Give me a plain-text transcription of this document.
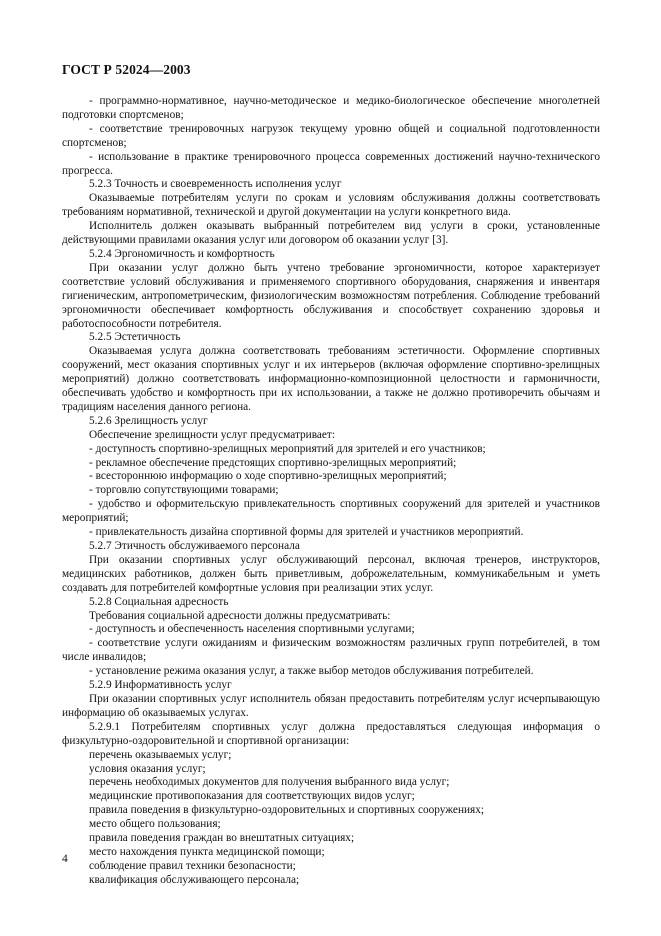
ГОСТ Р 52024—2003

- программно-нормативное, научно-методическое и медико-биологическое обеспечение многолетней подготовки спортсменов;

- соответствие тренировочных нагрузок текущему уровню общей и социальной подготовленности спортсменов;

- использование в практике тренировочного процесса современных достижений научно-технического прогресса.

5.2.3 Точность и своевременность исполнения услуг

Оказываемые потребителям услуги по срокам и условиям обслуживания должны соответствовать требованиям нормативной, технической и другой документации на услуги конкретного вида.

Исполнитель должен оказывать выбранный потребителем вид услуги в сроки, установленные действующими правилами оказания услуг или договором об оказании услуг [3].

5.2.4 Эргономичность и комфортность

При оказании услуг должно быть учтено требование эргономичности, которое характеризует соответствие условий обслуживания и применяемого спортивного оборудования, снаряжения и инвентаря гигиеническим, антропометрическим, физиологическим возможностям потребления. Соблюдение требований эргономичности обеспечивает комфортность обслуживания и способствует сохранению здоровья и работоспособности потребителя.

5.2.5 Эстетичность

Оказываемая услуга должна соответствовать требованиям эстетичности. Оформление спортивных сооружений, мест оказания спортивных услуг и их интерьеров (включая оформление спортивно-зрелищных мероприятий) должно соответствовать информационно-композиционной целостности и гармоничности, обеспечивать удобство и комфортность при их использовании, а также не должно противоречить обычаям и традициям населения данного региона.

5.2.6 Зрелищность услуг

Обеспечение зрелищности услуг предусматривает:

- доступность спортивно-зрелищных мероприятий для зрителей и его участников;

- рекламное обеспечение предстоящих спортивно-зрелищных мероприятий;

- всестороннюю информацию о ходе спортивно-зрелищных мероприятий;

- торговлю сопутствующими товарами;

- удобство и оформительскую привлекательность спортивных сооружений для зрителей и участников мероприятий;

- привлекательность дизайна спортивной формы для зрителей и участников мероприятий.

5.2.7 Этичность обслуживаемого персонала

При оказании спортивных услуг обслуживающий персонал, включая тренеров, инструкторов, медицинских работников, должен быть приветливым, доброжелательным, коммуникабельным и уметь создавать для потребителей комфортные условия при реализации этих услуг.

5.2.8 Социальная адресность

Требования социальной адресности должны предусматривать:

- доступность и обеспеченность населения спортивными услугами;

- соответствие услуги ожиданиям и физическим возможностям различных групп потребителей, в том числе инвалидов;

- установление режима оказания услуг, а также выбор методов обслуживания потребителей.

5.2.9 Информативность услуг

При оказании спортивных услуг исполнитель обязан предоставить потребителям услуг исчерпывающую информацию об оказываемых услугах.

5.2.9.1 Потребителям спортивных услуг должна предоставляться следующая информация о физкультурно-оздоровительной и спортивной организации:

перечень оказываемых услуг;

условия оказания услуг;

перечень необходимых документов для получения выбранного вида услуг;

медицинские противопоказания для соответствующих видов услуг;

правила поведения в физкультурно-оздоровительных и спортивных сооружениях;

место общего пользования;

правила поведения граждан во внештатных ситуациях;

место нахождения пункта медицинской помощи;

соблюдение правил техники безопасности;

квалификация обслуживающего персонала;

4
